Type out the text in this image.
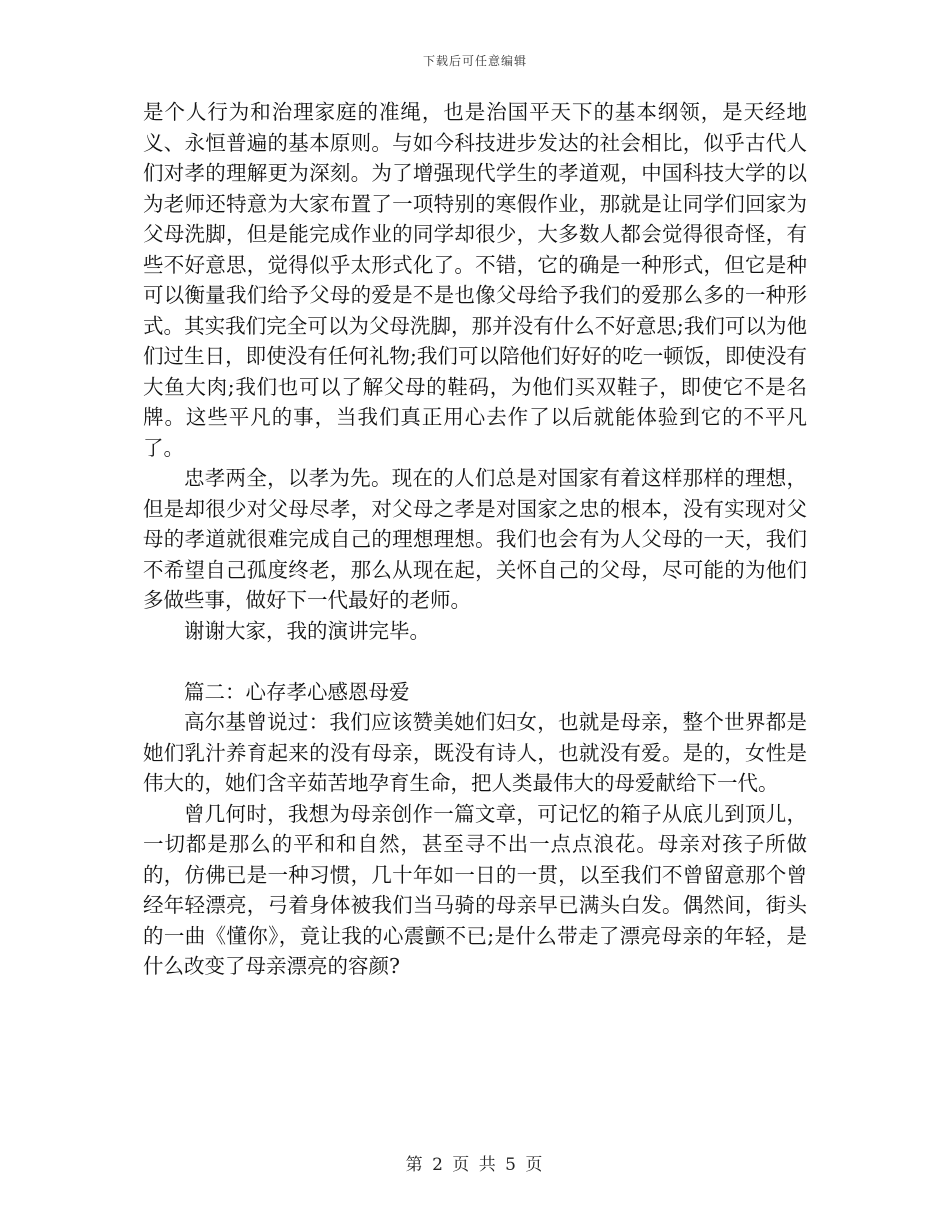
下载后可任意编辑

是个人行为和治理家庭的准绳，也是治国平天下的基本纲领，是天经地义、永恒普遍的基本原则。与如今科技进步发达的社会相比，似乎古代人们对孝的理解更为深刻。为了增强现代学生的孝道观，中国科技大学的以为老师还特意为大家布置了一项特别的寒假作业，那就是让同学们回家为父母洗脚，但是能完成作业的同学却很少，大多数人都会觉得很奇怪，有些不好意思，觉得似乎太形式化了。不错，它的确是一种形式，但它是种可以衡量我们给予父母的爱是不是也像父母给予我们的爱那么多的一种形式。其实我们完全可以为父母洗脚，那并没有什么不好意思;我们可以为他们过生日，即使没有任何礼物;我们可以陪他们好好的吃一顿饭，即使没有大鱼大肉;我们也可以了解父母的鞋码，为他们买双鞋子，即使它不是名牌。这些平凡的事，当我们真正用心去作了以后就能体验到它的不平凡了。

忠孝两全，以孝为先。现在的人们总是对国家有着这样那样的理想，但是却很少对父母尽孝，对父母之孝是对国家之忠的根本，没有实现对父母的孝道就很难完成自己的理想理想。我们也会有为人父母的一天，我们不希望自己孤度终老，那么从现在起，关怀自己的父母，尽可能的为他们多做些事，做好下一代最好的老师。

谢谢大家，我的演讲完毕。

篇二：心存孝心感恩母爱

高尔基曾说过：我们应该赞美她们妇女，也就是母亲，整个世界都是她们乳汁养育起来的没有母亲，既没有诗人，也就没有爱。是的，女性是伟大的，她们含辛茹苦地孕育生命，把人类最伟大的母爱献给下一代。

曾几何时，我想为母亲创作一篇文章，可记忆的箱子从底儿到顶儿，一切都是那么的平和和自然，甚至寻不出一点点浪花。母亲对孩子所做的，仿佛已是一种习惯，几十年如一日的一贯，以至我们不曾留意那个曾经年轻漂亮，弓着身体被我们当马骑的母亲早已满头白发。偶然间，街头的一曲《懂你》，竟让我的心震颤不已;是什么带走了漂亮母亲的年轻，是什么改变了母亲漂亮的容颜?

第 2 页 共 5 页
